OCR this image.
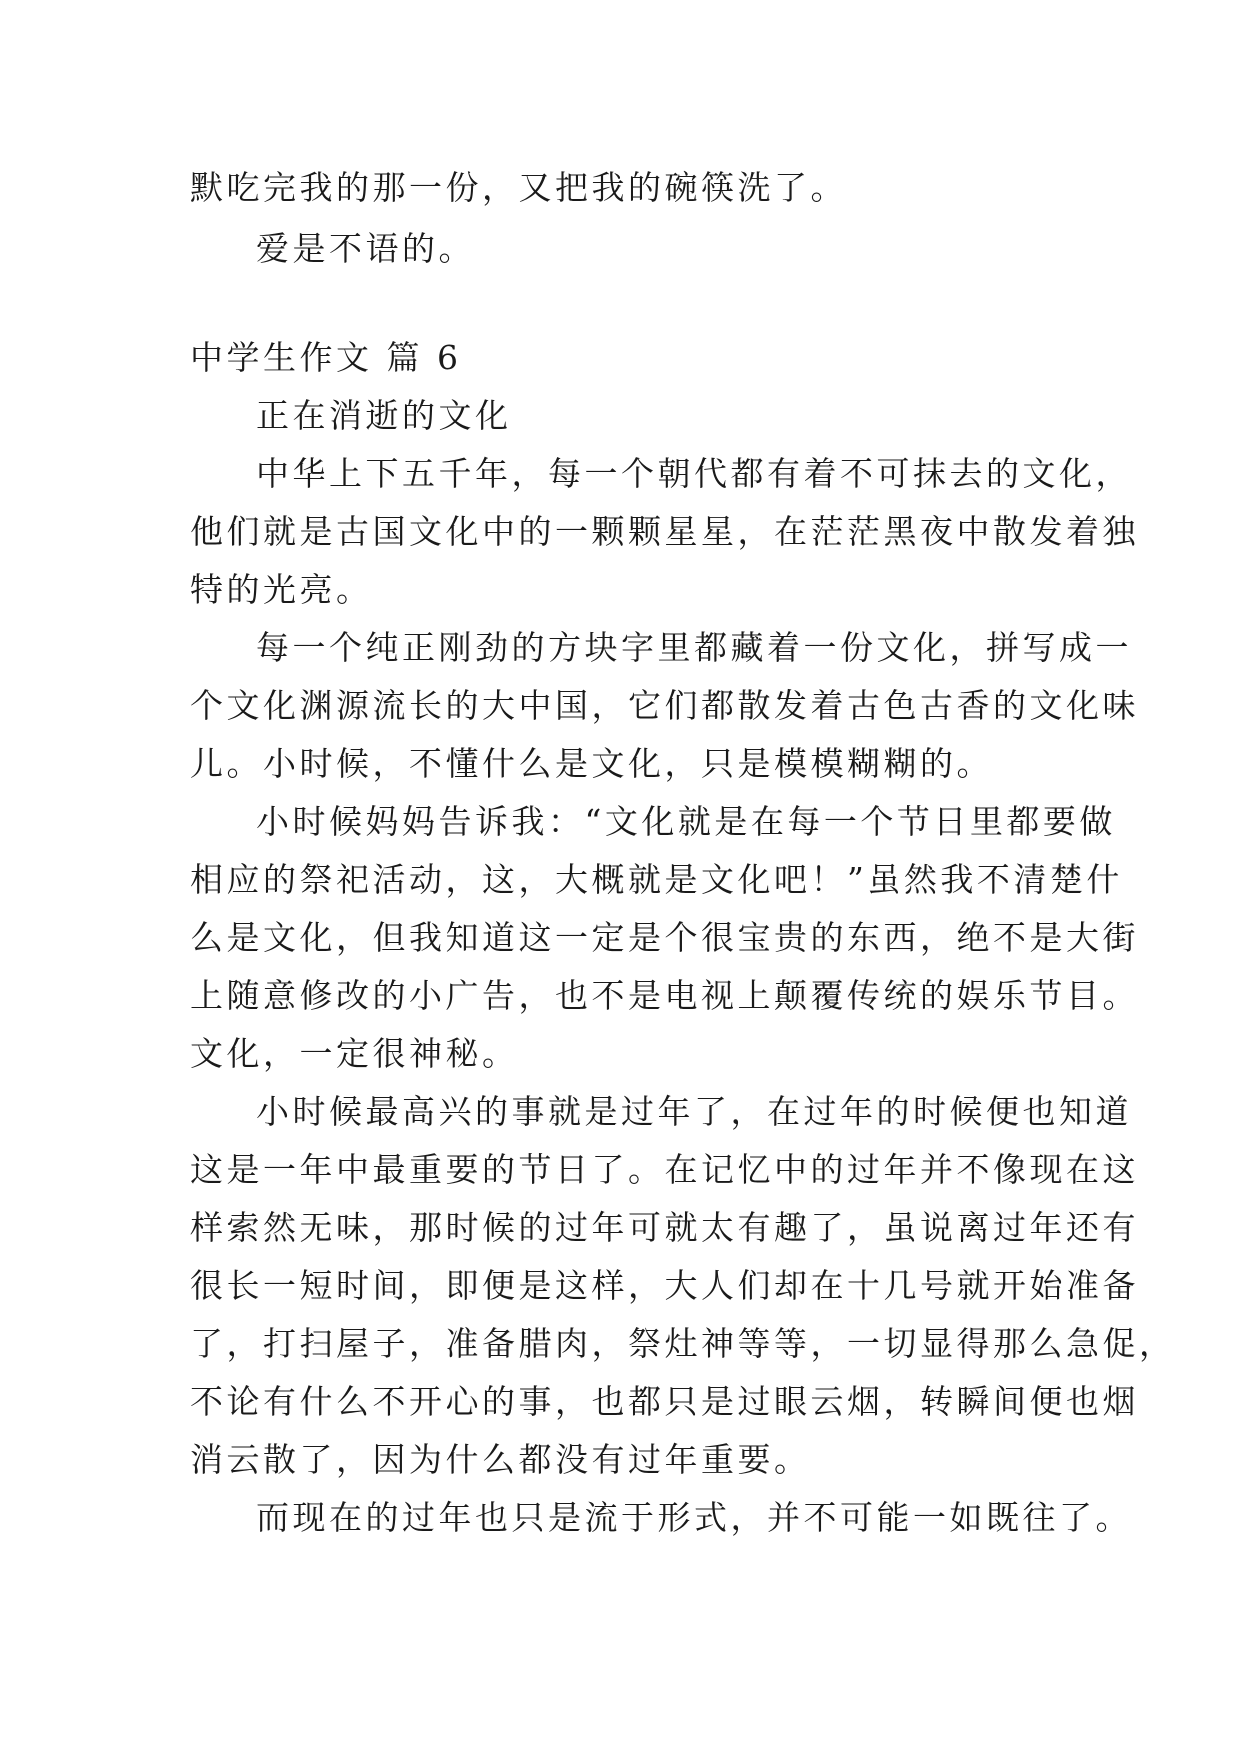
默吃完我的那一份，又把我的碗筷洗了。
爱是不语的。
中学生作文 篇 6
正在消逝的文化
中华上下五千年，每一个朝代都有着不可抹去的文化，
他们就是古国文化中的一颗颗星星，在茫茫黑夜中散发着独
特的光亮。
每一个纯正刚劲的方块字里都藏着一份文化，拼写成一
个文化渊源流长的大中国，它们都散发着古色古香的文化味
儿。小时候，不懂什么是文化，只是模模糊糊的。
小时候妈妈告诉我：“文化就是在每一个节日里都要做
相应的祭祀活动，这，大概就是文化吧！”虽然我不清楚什
么是文化，但我知道这一定是个很宝贵的东西，绝不是大街
上随意修改的小广告，也不是电视上颠覆传统的娱乐节目。
文化，一定很神秘。
小时候最高兴的事就是过年了，在过年的时候便也知道
这是一年中最重要的节日了。在记忆中的过年并不像现在这
样索然无味，那时候的过年可就太有趣了，虽说离过年还有
很长一短时间，即便是这样，大人们却在十几号就开始准备
了，打扫屋子，准备腊肉，祭灶神等等，一切显得那么急促，
不论有什么不开心的事，也都只是过眼云烟，转瞬间便也烟
消云散了，因为什么都没有过年重要。
而现在的过年也只是流于形式，并不可能一如既往了。
